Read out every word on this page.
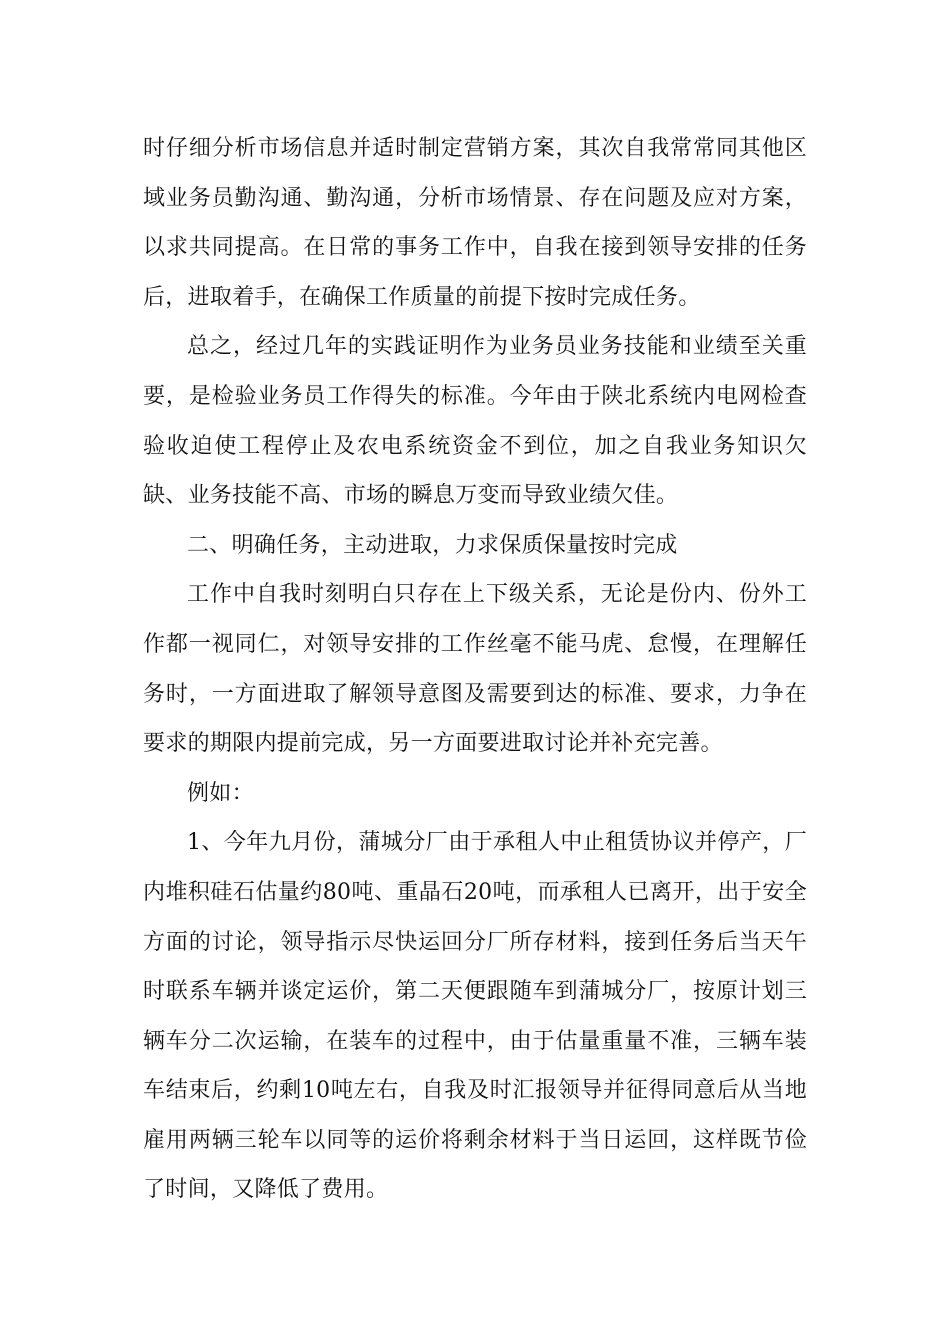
时仔细分析市场信息并适时制定营销方案，其次自我常常同其他区域业务员勤沟通、勤沟通，分析市场情景、存在问题及应对方案，以求共同提高。在日常的事务工作中，自我在接到领导安排的任务后，进取着手，在确保工作质量的前提下按时完成任务。

总之，经过几年的实践证明作为业务员业务技能和业绩至关重要，是检验业务员工作得失的标准。今年由于陕北系统内电网检查验收迫使工程停止及农电系统资金不到位，加之自我业务知识欠缺、业务技能不高、市场的瞬息万变而导致业绩欠佳。

二、明确任务，主动进取，力求保质保量按时完成

工作中自我时刻明白只存在上下级关系，无论是份内、份外工作都一视同仁，对领导安排的工作丝毫不能马虎、怠慢，在理解任务时，一方面进取了解领导意图及需要到达的标准、要求，力争在要求的期限内提前完成，另一方面要进取讨论并补充完善。

例如：

1、今年九月份，蒲城分厂由于承租人中止租赁协议并停产，厂内堆积硅石估量约80吨、重晶石20吨，而承租人已离开，出于安全方面的讨论，领导指示尽快运回分厂所存材料，接到任务后当天午时联系车辆并谈定运价，第二天便跟随车到蒲城分厂，按原计划三辆车分二次运输，在装车的过程中，由于估量重量不准，三辆车装车结束后，约剩10吨左右，自我及时汇报领导并征得同意后从当地雇用两辆三轮车以同等的运价将剩余材料于当日运回，这样既节俭了时间，又降低了费用。
